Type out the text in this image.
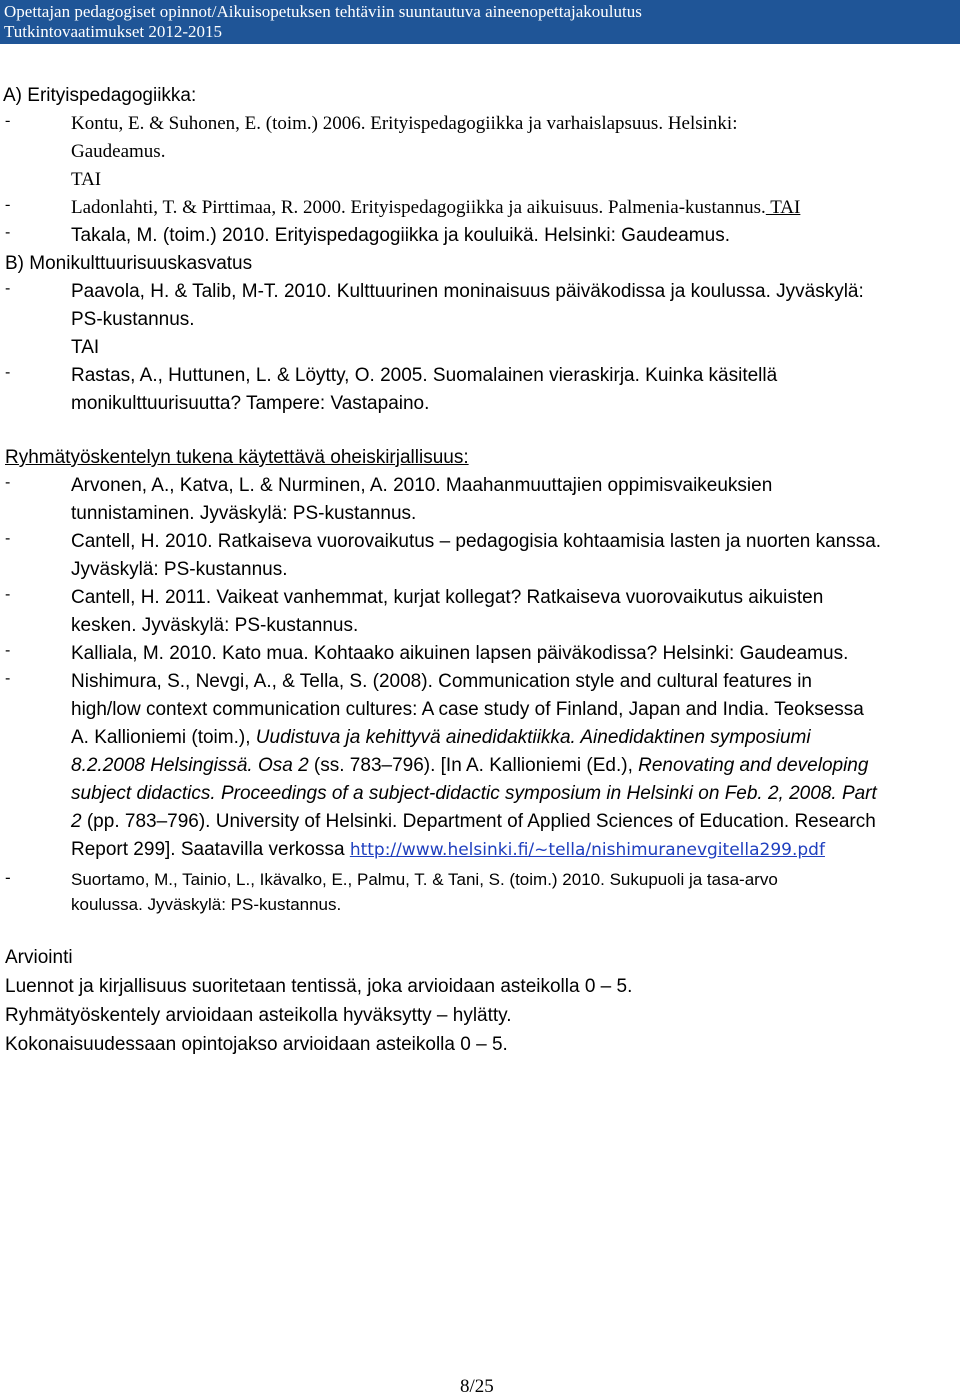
Opettajan pedagogiset opinnot/Aikuisopetuksen tehtäviin suuntautuva aineenopettajakoulutus
Tutkintovaatimukset 2012-2015
A) Erityispedagogiikka:
-	Kontu, E. & Suhonen, E. (toim.) 2006. Erityispedagogiikka ja varhaislapsuus. Helsinki:
Gaudeamus.
TAI
-	Ladonlahti, T. & Pirttimaa, R. 2000. Erityispedagogiikka ja aikuisuus. Palmenia-kustannus. TAI
-	Takala, M. (toim.) 2010. Erityispedagogiikka ja kouluikä. Helsinki: Gaudeamus.
B) Monikulttuurisuuskasvatus
-	Paavola, H. & Talib, M-T. 2010. Kulttuurinen moninaisuus päiväkodissa ja koulussa. Jyväskylä:
PS-kustannus.
TAI
-	Rastas, A., Huttunen, L. & Löytty, O. 2005. Suomalainen vieraskirja. Kuinka käsitellä
monikulttuurisuutta? Tampere: Vastapaino.
Ryhmätyöskentelyn tukena käytettävä oheiskirjallisuus:
-	Arvonen, A., Katva, L. & Nurminen, A. 2010. Maahanmuuttajien oppimisvaikeuksien
tunnistaminen. Jyväskylä: PS-kustannus.
-	Cantell, H. 2010. Ratkaiseva vuorovaikutus – pedagogisia kohtaamisia lasten ja nuorten kanssa.
Jyväskylä: PS-kustannus.
-	Cantell, H. 2011. Vaikeat vanhemmat, kurjat kollegat? Ratkaiseva vuorovaikutus aikuisten
kesken. Jyväskylä: PS-kustannus.
-	Kalliala, M. 2010. Kato mua. Kohtaako aikuinen lapsen päiväkodissa? Helsinki: Gaudeamus.
-	Nishimura, S., Nevgi, A., & Tella, S. (2008). Communication style and cultural features in
high/low context communication cultures: A case study of Finland, Japan and India. Teoksessa
A. Kallioniemi (toim.), Uudistuva ja kehittyvä ainedidaktiikka. Ainedidaktinen symposiumi
8.2.2008 Helsingissä. Osa 2 (ss. 783–796). [In A. Kallioniemi (Ed.), Renovating and developing
subject didactics. Proceedings of a subject-didactic symposium in Helsinki on Feb. 2, 2008. Part
2 (pp. 783–796). University of Helsinki. Department of Applied Sciences of Education. Research
Report 299]. Saatavilla verkossa http://www.helsinki.fi/~tella/nishimuranevgitella299.pdf
-	Suortamo, M., Tainio, L., Ikävalko, E., Palmu, T. & Tani, S. (toim.) 2010. Sukupuoli ja tasa-arvo
koulussa. Jyväskylä: PS-kustannus.
Arviointi
Luennot ja kirjallisuus suoritetaan tentissä, joka arvioidaan asteikolla 0 – 5.
Ryhmätyöskentely arvioidaan asteikolla hyväksytty – hylätty.
Kokonaisuudessaan opintojakso arvioidaan asteikolla 0 – 5.
8/25
